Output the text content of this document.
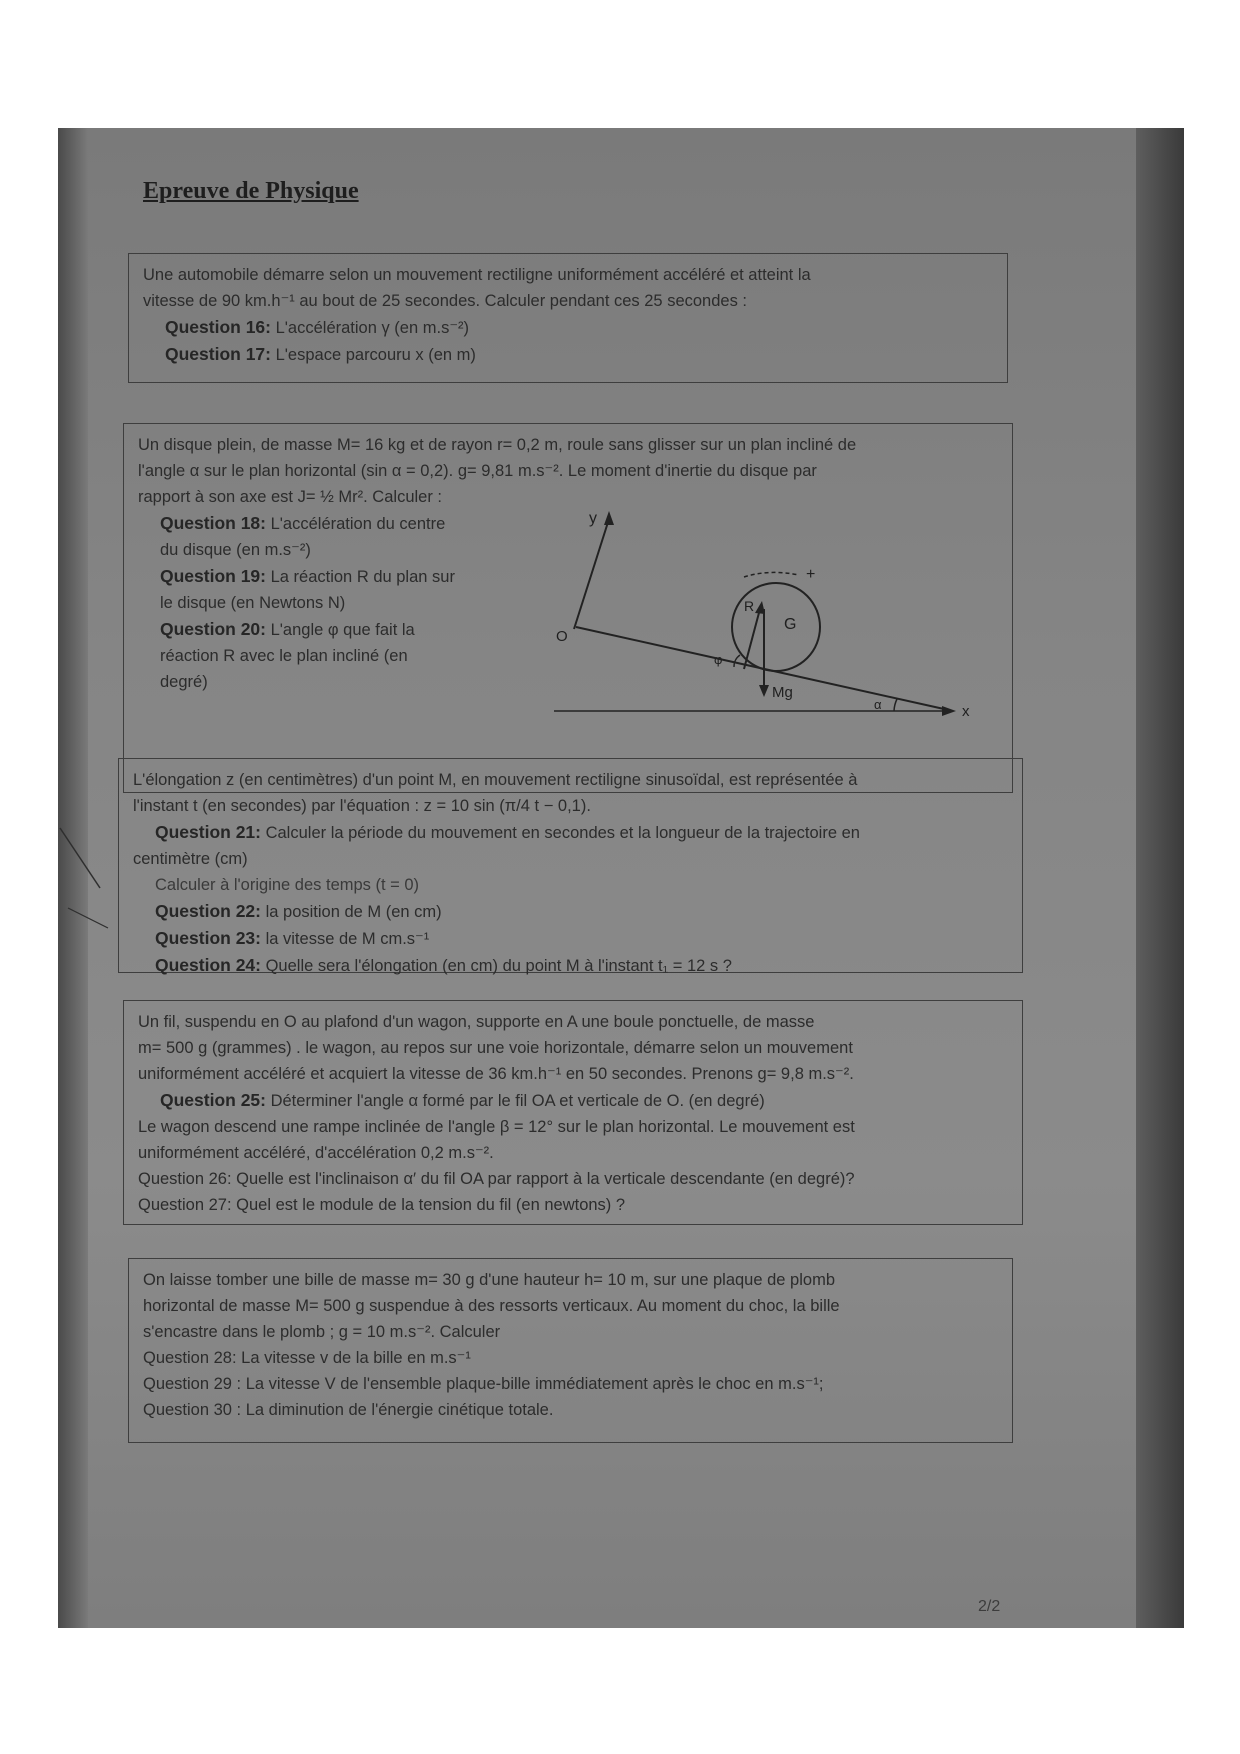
Epreuve de Physique

Une automobile démarre selon un mouvement rectiligne uniformément accéléré et atteint la

vitesse de 90 km.h⁻¹ au bout de 25 secondes. Calculer pendant ces 25 secondes :

Question 16: L'accélération γ (en m.s⁻²)

Question 17: L'espace parcouru x (en m)

Un disque plein, de masse M= 16 kg et de rayon r= 0,2 m, roule sans glisser sur un plan incliné de

l'angle α sur le plan horizontal (sin α = 0,2). g= 9,81 m.s⁻². Le moment d'inertie du disque par

rapport à son axe est J= ½ Mr². Calculer :

Question 18: L'accélération du centre

du disque (en m.s⁻²)

Question 19: La réaction R du plan sur

le disque (en Newtons N)

Question 20: L'angle φ que fait la

réaction R avec le plan incliné (en

degré)

y
O
x
α
G
+
Mg
R
φ

L'élongation z (en centimètres) d'un point M, en mouvement rectiligne sinusoïdal, est représentée à

l'instant t (en secondes) par l'équation : z = 10 sin (π/4 t − 0,1).

Question 21: Calculer la période du mouvement en secondes et la longueur de la trajectoire en

centimètre (cm)

Calculer à l'origine des temps (t = 0)

Question 22: la position de M (en cm)

Question 23: la vitesse de M cm.s⁻¹

Question 24: Quelle sera l'élongation (en cm) du point M à l'instant t₁ = 12 s ?

Un fil, suspendu en O au plafond d'un wagon, supporte en A une boule ponctuelle, de masse

m= 500 g (grammes) . le wagon, au repos sur une voie horizontale, démarre selon un mouvement

uniformément accéléré et acquiert la vitesse de 36 km.h⁻¹ en 50 secondes. Prenons g= 9,8 m.s⁻².

Question 25: Déterminer l'angle α formé par le fil OA et verticale de O. (en degré)

Le wagon descend une rampe inclinée de l'angle β = 12° sur le plan horizontal. Le mouvement est

uniformément accéléré, d'accélération 0,2 m.s⁻².

Question 26: Quelle est l'inclinaison α′ du fil OA par rapport à la verticale descendante (en degré)?

Question 27: Quel est le module de la tension du fil (en newtons) ?

On laisse tomber une bille de masse m= 30 g d'une hauteur h= 10 m, sur une plaque de plomb

horizontal de masse M= 500 g suspendue à des ressorts verticaux. Au moment du choc, la bille

s'encastre dans le plomb ; g = 10 m.s⁻². Calculer

Question 28: La vitesse v de la bille en m.s⁻¹

Question 29 : La vitesse V de l'ensemble plaque-bille immédiatement après le choc en m.s⁻¹;

Question 30 : La diminution de l'énergie cinétique totale.

2/2
